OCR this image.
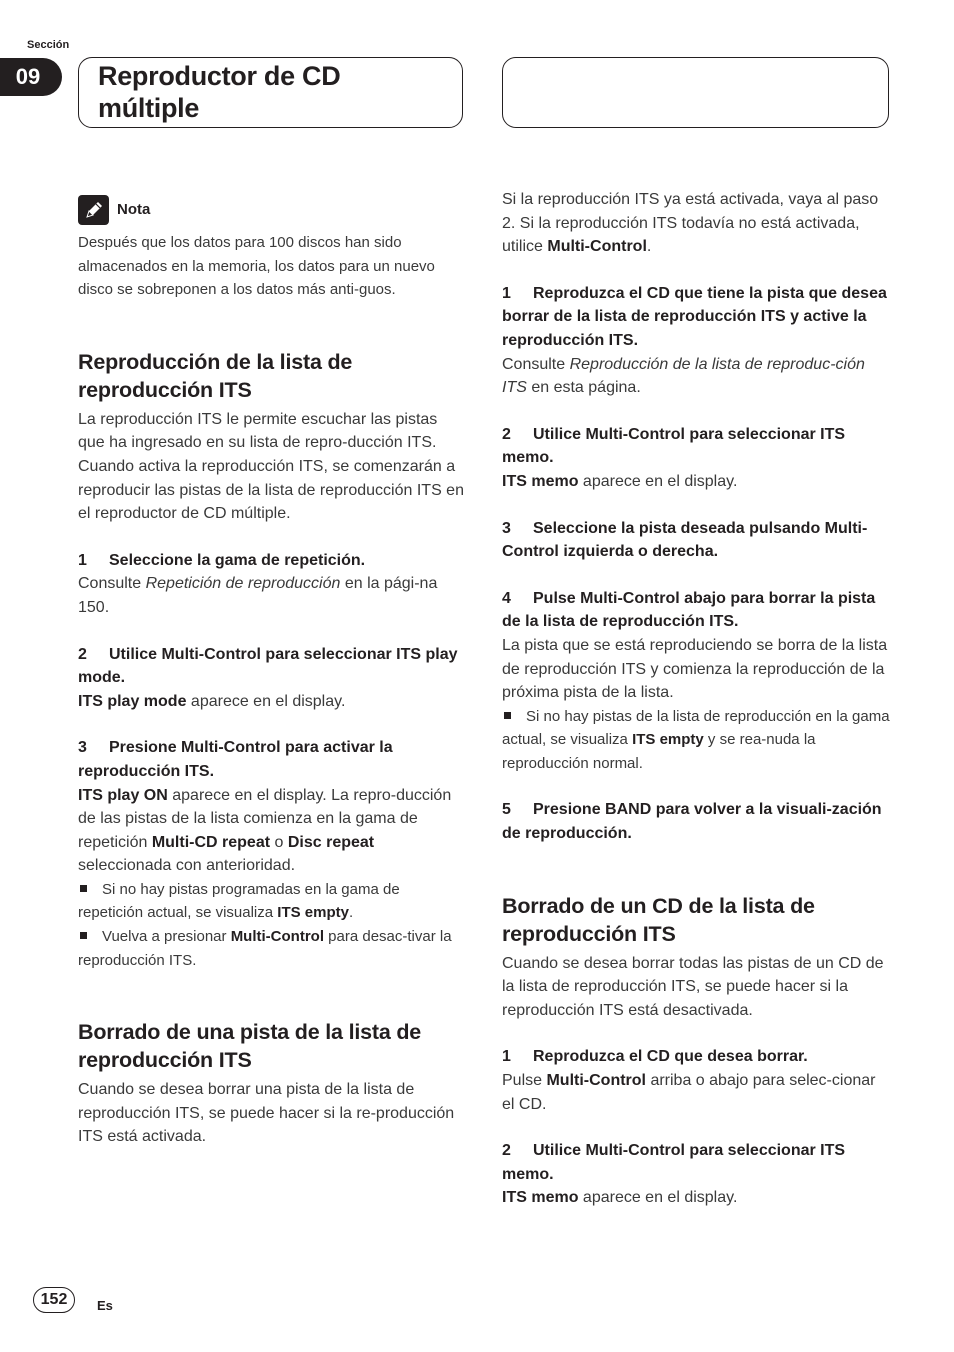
Sección
09	Reproductor de CD
múltiple
Nota

Después que los datos para 100 discos han sido almacenados en la memoria, los datos para un nuevo disco se sobreponen a los datos más anti-guos.

Reproducción de la lista de reproducción ITS

La reproducción ITS le permite escuchar las pistas que ha ingresado en su lista de repro-ducción ITS. Cuando activa la reproducción ITS, se comenzarán a reproducir las pistas de la lista de reproducción ITS en el reproductor de CD múltiple.

1 Seleccione la gama de repetición.

Consulte Repetición de reproducción en la pági-na 150.

2 Utilice Multi-Control para seleccionar ITS play mode.

ITS play mode aparece en el display.

3 Presione Multi-Control para activar la reproducción ITS.

ITS play ON aparece en el display. La repro-ducción de las pistas de la lista comienza en la gama de repetición Multi-CD repeat o Disc repeat seleccionada con anterioridad.

Si no hay pistas programadas en la gama de repetición actual, se visualiza ITS empty.

Vuelva a presionar Multi-Control para desac-tivar la reproducción ITS.

Borrado de una pista de la lista de reproducción ITS

Cuando se desea borrar una pista de la lista de reproducción ITS, se puede hacer si la re-producción ITS está activada.

Si la reproducción ITS ya está activada, vaya al paso 2. Si la reproducción ITS todavía no está activada, utilice Multi-Control.

1 Reproduzca el CD que tiene la pista que desea borrar de la lista de reproducción ITS y active la reproducción ITS.

Consulte Reproducción de la lista de reproduc-ción ITS en esta página.

2 Utilice Multi-Control para seleccionar ITS memo.

ITS memo aparece en el display.

3 Seleccione la pista deseada pulsando Multi-Control izquierda o derecha.

4 Pulse Multi-Control abajo para borrar la pista de la lista de reproducción ITS.

La pista que se está reproduciendo se borra de la lista de reproducción ITS y comienza la reproducción de la próxima pista de la lista.

Si no hay pistas de la lista de reproducción en la gama actual, se visualiza ITS empty y se rea-nuda la reproducción normal.

5 Presione BAND para volver a la visuali-zación de reproducción.

Borrado de un CD de la lista de reproducción ITS

Cuando se desea borrar todas las pistas de un CD de la lista de reproducción ITS, se puede hacer si la reproducción ITS está desactivada.

1 Reproduzca el CD que desea borrar.

Pulse Multi-Control arriba o abajo para selec-cionar el CD.

2 Utilice Multi-Control para seleccionar ITS memo.

ITS memo aparece en el display.

152	Es
